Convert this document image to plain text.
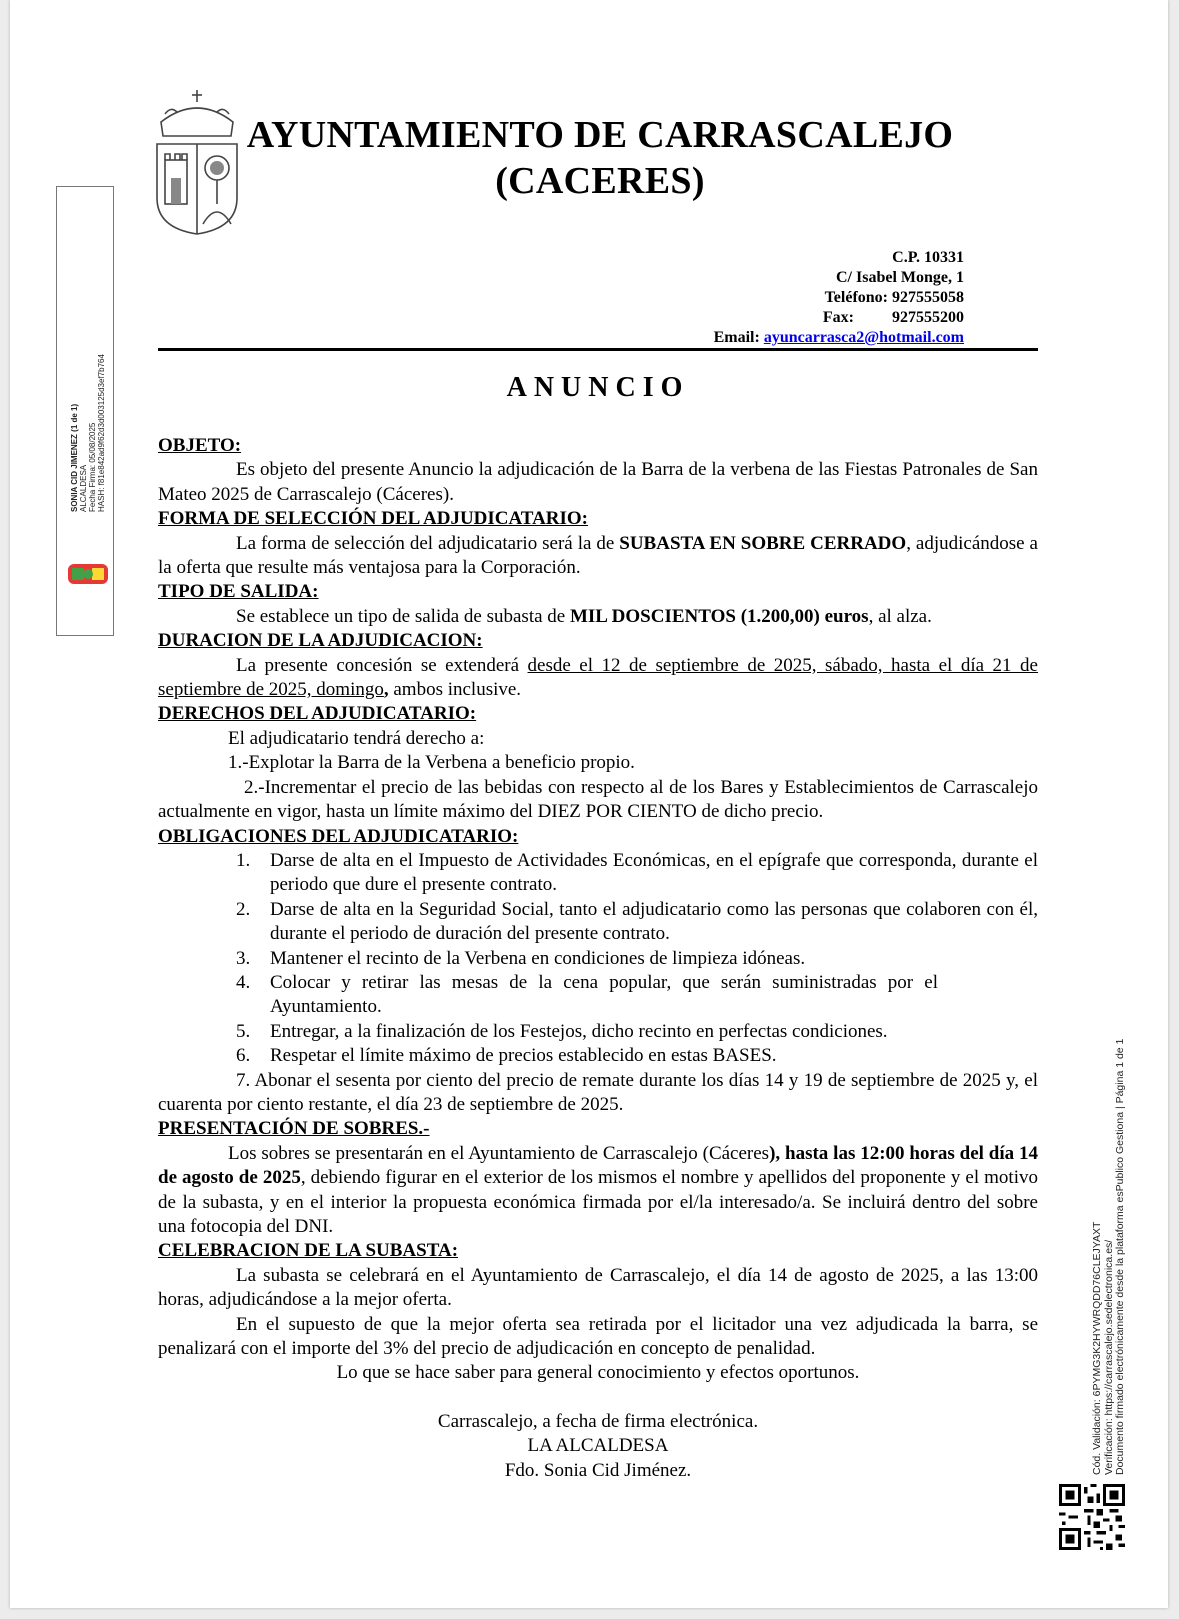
AYUNTAMIENTO DE CARRASCALEJO
(CACERES)
C.P. 10331
C/ Isabel Monge, 1
Teléfono: 927555058
Fax: 927555200
Email: ayuncarrasca2@hotmail.com
ANUNCIO

OBJETO:

Es objeto del presente Anuncio la adjudicación de la Barra de la verbena de las Fiestas Patronales de San Mateo 2025 de Carrascalejo (Cáceres).

FORMA DE SELECCIÓN DEL ADJUDICATARIO:

La forma de selección del adjudicatario será la de SUBASTA EN SOBRE CERRADO, adjudicándose a la oferta que resulte más ventajosa para la Corporación.

TIPO DE SALIDA:

Se establece un tipo de salida de subasta de MIL DOSCIENTOS (1.200,00) euros, al alza.

DURACION DE LA ADJUDICACION:

La presente concesión se extenderá desde el 12 de septiembre de 2025, sábado, hasta el día 21 de septiembre de 2025, domingo, ambos inclusive.

DERECHOS DEL ADJUDICATARIO:

El adjudicatario tendrá derecho a:

1.-Explotar la Barra de la Verbena a beneficio propio.

2.-Incrementar el precio de las bebidas con respecto al de los Bares y Establecimientos de Carrascalejo actualmente en vigor, hasta un límite máximo del DIEZ POR CIENTO de dicho precio.

OBLIGACIONES DEL ADJUDICATARIO:

1.	Darse de alta en el Impuesto de Actividades Económicas, en el epígrafe que corresponda, durante el periodo que dure el presente contrato.
2.	Darse de alta en la Seguridad Social, tanto el adjudicatario como las personas que colaboren con él, durante el periodo de duración del presente contrato.
3.	Mantener el recinto de la Verbena en condiciones de limpieza idóneas.
4.	Colocar y retirar las mesas de la cena popular, que serán suministradas por el Ayuntamiento.
5.	Entregar, a la finalización de los Festejos, dicho recinto en perfectas condiciones.
6.	Respetar el límite máximo de precios establecido en estas BASES.

7. Abonar el sesenta por ciento del precio de remate durante los días 14 y 19 de septiembre de 2025 y, el cuarenta por ciento restante, el día 23 de septiembre de 2025.

PRESENTACIÓN DE SOBRES.-

Los sobres se presentarán en el Ayuntamiento de Carrascalejo (Cáceres), hasta las 12:00 horas del día 14 de agosto de 2025, debiendo figurar en el exterior de los mismos el nombre y apellidos del proponente y el motivo de la subasta, y en el interior la propuesta económica firmada por el/la interesado/a. Se incluirá dentro del sobre una fotocopia del DNI.

CELEBRACION DE LA SUBASTA:

La subasta se celebrará en el Ayuntamiento de Carrascalejo, el día 14 de agosto de 2025, a las 13:00 horas, adjudicándose a la mejor oferta.

En el supuesto de que la mejor oferta sea retirada por el licitador una vez adjudicada la barra, se penalizará con el importe del 3% del precio de adjudicación en concepto de penalidad.

Lo que se hace saber para general conocimiento y efectos oportunos.

Carrascalejo, a fecha de firma electrónica.

LA ALCALDESA

Fdo. Sonia Cid Jiménez.

SONIA CID JIMENEZ (1 de 1) ALCALDESA Fecha Firma: 05/08/2025 HASH: f81e842ad9f62d3d003125d3ef7b764
Cód. Validación: 6PYMG3K2HYWRQDD76CLEJYAXT Verificación: https://carrascalejo.sedelectronica.es/ Documento firmado electrónicamente desde la plataforma esPublico Gestiona | Página 1 de 1
